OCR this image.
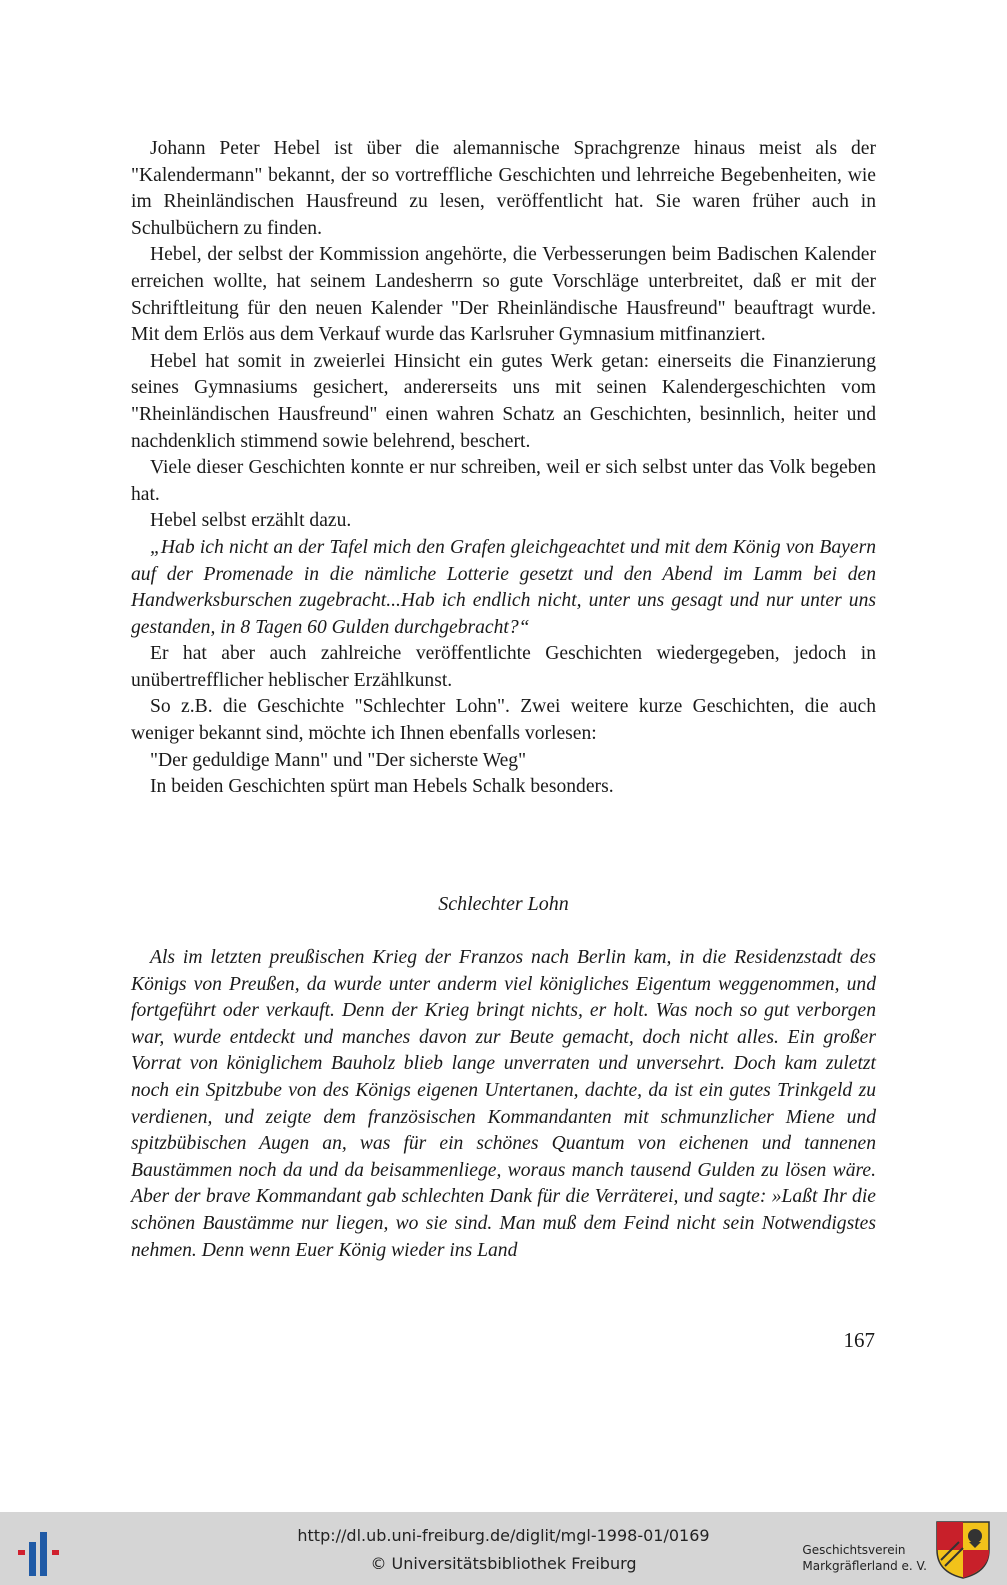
Johann Peter Hebel ist über die alemannische Sprachgrenze hinaus meist als der "Kalendermann" bekannt, der so vortreffliche Geschichten und lehrreiche Begebenheiten, wie im Rheinländischen Hausfreund zu lesen, veröffentlicht hat. Sie waren früher auch in Schulbüchern zu finden.

Hebel, der selbst der Kommission angehörte, die Verbesserungen beim Badischen Kalender erreichen wollte, hat seinem Landesherrn so gute Vorschläge unterbreitet, daß er mit der Schriftleitung für den neuen Kalender "Der Rheinländische Hausfreund" beauftragt wurde. Mit dem Erlös aus dem Verkauf wurde das Karlsruher Gymnasium mitfinanziert.

Hebel hat somit in zweierlei Hinsicht ein gutes Werk getan: einerseits die Finanzierung seines Gymnasiums gesichert, andererseits uns mit seinen Kalendergeschichten vom "Rheinländischen Hausfreund" einen wahren Schatz an Geschichten, besinnlich, heiter und nachdenklich stimmend sowie belehrend, beschert.

Viele dieser Geschichten konnte er nur schreiben, weil er sich selbst unter das Volk begeben hat.

Hebel selbst erzählt dazu.

„Hab ich nicht an der Tafel mich den Grafen gleichgeachtet und mit dem König von Bayern auf der Promenade in die nämliche Lotterie gesetzt und den Abend im Lamm bei den Handwerksburschen zugebracht...Hab ich endlich nicht, unter uns gesagt und nur unter uns gestanden, in 8 Tagen 60 Gulden durchgebracht?“

Er hat aber auch zahlreiche veröffentlichte Geschichten wiedergegeben, jedoch in unübertrefflicher heblischer Erzählkunst.

So z.B. die Geschichte "Schlechter Lohn". Zwei weitere kurze Geschichten, die auch weniger bekannt sind, möchte ich Ihnen ebenfalls vorlesen:

"Der geduldige Mann" und "Der sicherste Weg"

In beiden Geschichten spürt man Hebels Schalk besonders.

Schlechter Lohn

Als im letzten preußischen Krieg der Franzos nach Berlin kam, in die Residenzstadt des Königs von Preußen, da wurde unter anderm viel königliches Eigentum weggenommen, und fortgeführt oder verkauft. Denn der Krieg bringt nichts, er holt. Was noch so gut verborgen war, wurde entdeckt und manches davon zur Beute gemacht, doch nicht alles. Ein großer Vorrat von königlichem Bauholz blieb lange unverraten und unversehrt. Doch kam zuletzt noch ein Spitzbube von des Königs eigenen Untertanen, dachte, da ist ein gutes Trinkgeld zu verdienen, und zeigte dem französischen Kommandanten mit schmunzlicher Miene und spitzbübischen Augen an, was für ein schönes Quantum von eichenen und tannenen Baustämmen noch da und da beisammenliege, woraus manch tausend Gulden zu lösen wäre. Aber der brave Kommandant gab schlechten Dank für die Verräterei, und sagte: »Laßt Ihr die schönen Baustämme nur liegen, wo sie sind. Man muß dem Feind nicht sein Notwendigstes nehmen. Denn wenn Euer König wieder ins Land

167
http://dl.ub.uni-freiburg.de/diglit/mgl-1998-01/0169
© Universitätsbibliothek Freiburg
Geschichtsverein
Markgräflerland e. V.
